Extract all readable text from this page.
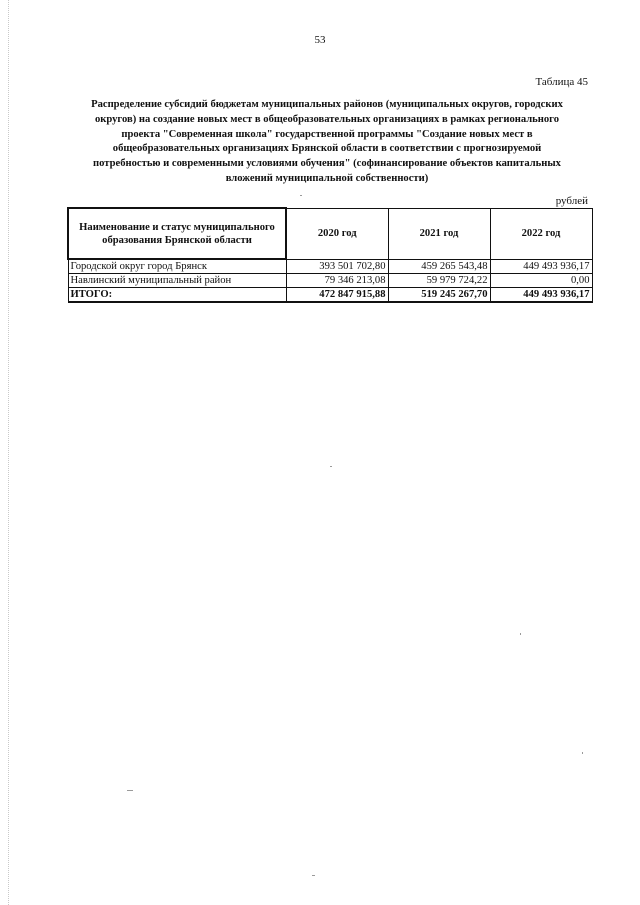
53
Таблица 45
Распределение субсидий бюджетам муниципальных районов (муниципальных округов, городских
округов) на создание новых мест в общеобразовательных организациях в рамках регионального
проекта "Современная школа" государственной программы "Создание новых мест в
общеобразовательных организациях Брянской области в соответствии с прогнозируемой
потребностью и современными условиями обучения" (софинансирование объектов капитальных
вложений муниципальной собственности)
рублей
Наименование и статус муниципального образования Брянской области	2020 год	2021 год	2022 год
Городской округ город Брянск	393 501 702,80	459 265 543,48	449 493 936,17
Навлинский муниципальный район	79 346 213,08	59 979 724,22	0,00
ИТОГО:	472 847 915,88	519 245 267,70	449 493 936,17
